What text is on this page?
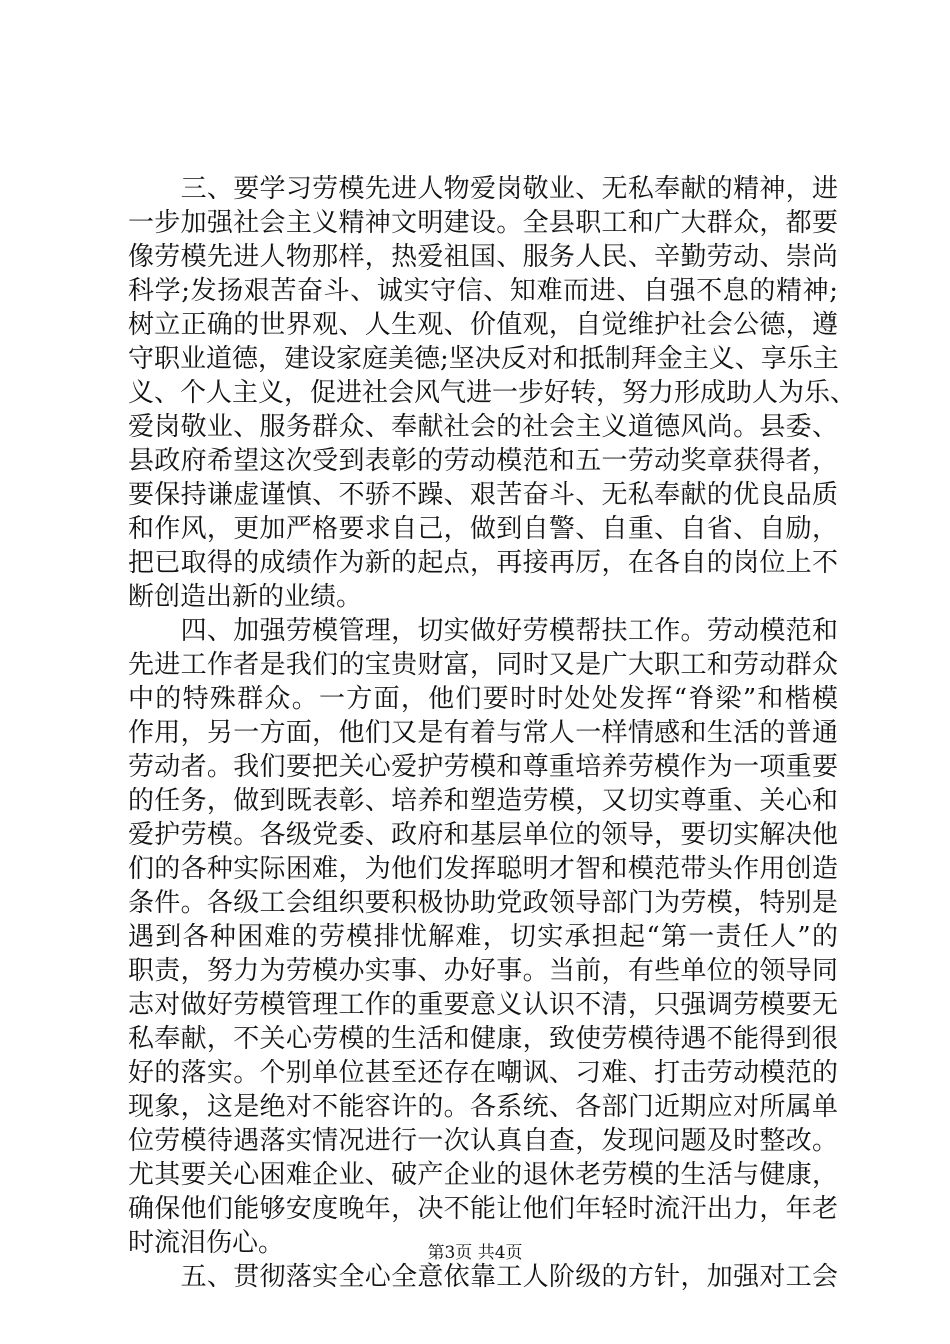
　　三、要学习劳模先进人物爱岗敬业、无私奉献的精神，进
一步加强社会主义精神文明建设。全县职工和广大群众，都要
像劳模先进人物那样，热爱祖国、服务人民、辛勤劳动、崇尚
科学;发扬艰苦奋斗、诚实守信、知难而进、自强不息的精神;
树立正确的世界观、人生观、价值观，自觉维护社会公德，遵
守职业道德，建设家庭美德;坚决反对和抵制拜金主义、享乐主
义、个人主义，促进社会风气进一步好转，努力形成助人为乐、
爱岗敬业、服务群众、奉献社会的社会主义道德风尚。县委、
县政府希望这次受到表彰的劳动模范和五一劳动奖章获得者，
要保持谦虚谨慎、不骄不躁、艰苦奋斗、无私奉献的优良品质
和作风，更加严格要求自己，做到自警、自重、自省、自励，
把已取得的成绩作为新的起点，再接再厉，在各自的岗位上不
断创造出新的业绩。
　　四、加强劳模管理，切实做好劳模帮扶工作。劳动模范和
先进工作者是我们的宝贵财富，同时又是广大职工和劳动群众
中的特殊群众。一方面，他们要时时处处发挥“脊梁”和楷模
作用，另一方面，他们又是有着与常人一样情感和生活的普通
劳动者。我们要把关心爱护劳模和尊重培养劳模作为一项重要
的任务，做到既表彰、培养和塑造劳模，又切实尊重、关心和
爱护劳模。各级党委、政府和基层单位的领导，要切实解决他
们的各种实际困难，为他们发挥聪明才智和模范带头作用创造
条件。各级工会组织要积极协助党政领导部门为劳模，特别是
遇到各种困难的劳模排忧解难，切实承担起“第一责任人”的
职责，努力为劳模办实事、办好事。当前，有些单位的领导同
志对做好劳模管理工作的重要意义认识不清，只强调劳模要无
私奉献，不关心劳模的生活和健康，致使劳模待遇不能得到很
好的落实。个别单位甚至还存在嘲讽、刁难、打击劳动模范的
现象，这是绝对不能容许的。各系统、各部门近期应对所属单
位劳模待遇落实情况进行一次认真自查，发现问题及时整改。
尤其要关心困难企业、破产企业的退休老劳模的生活与健康，
确保他们能够安度晚年，决不能让他们年轻时流汗出力，年老
时流泪伤心。
　　五、贯彻落实全心全意依靠工人阶级的方针，加强对工会
第3页 共4页
